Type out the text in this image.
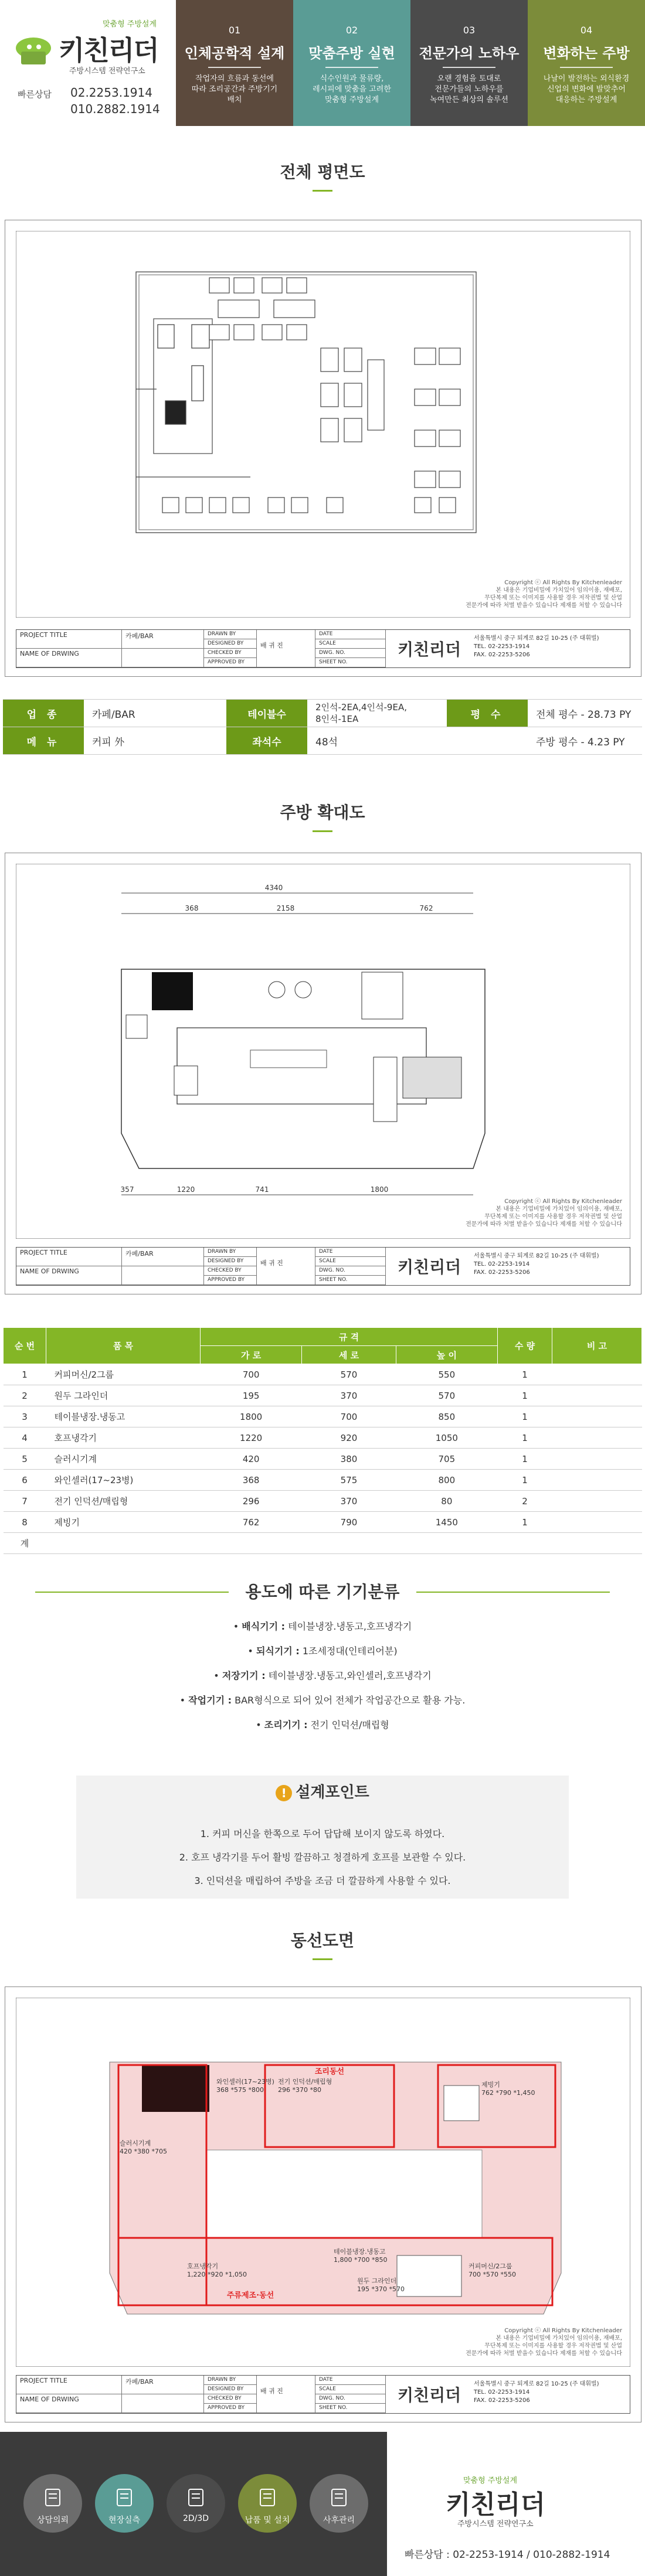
맞춤형 주방설계
키친리더
주방시스템 전략연구소
빠른상담 02.2253.1914
010.2882.1914
01
인체공학적 설계
작업자의 흐름과 동선에
따라 조리공간과 주방기기
배치
02
맞춤주방 실현
식수인원과 물류량,
레시피에 맞춤을 고려한
맞춤형 주방설계
03
전문가의 노하우
오랜 경험을 토대로
전문가들의 노하우를
녹여만든 최상의 솔루션
04
변화하는 주방
나날이 발전하는 외식환경
신업의 변화에 발맞추어
대응하는 주방설계
전체 평면도
Copyright ⓒ All Rights By Kitchenleader
본 내용은 기업비밀에 가치있어 임의이용, 재배포,
무단복제 또는 이미지를 사용할 경우 저작권법 및 산업
전문가에 따라 처벌 받을수 있습니다 제재를 처할 수 있습니다
PROJECT TITLE	카페/BAR
NAME OF DRWING
DRAWN BY
DESIGNED BY
CHECKED BY
APPROVED BY
배 귀 진
DATE
SCALE
DWG. NO.
SHEET NO.
키친리더
서울특별시 중구 퇴계로 82길 10-25 (주 대휘빌)
TEL. 02-2253-1914
FAX. 02-2253-5206
업 종	카페/BAR	테이블수	2인석-2EA,4인석-9EA,
8인석-1EA	평 수	전체 평수 - 28.73 PY
메 뉴	커피 外	좌석수	48석		주방 평수 - 4.23 PY
주방 확대도
4340
368	2158	762
357	1220	741	1800
Copyright ⓒ All Rights By Kitchenleader
본 내용은 기업비밀에 가치있어 임의이용, 재배포,
무단복제 또는 이미지를 사용할 경우 저작권법 및 산업
전문가에 따라 처벌 받을수 있습니다 제재를 처할 수 있습니다
PROJECT TITLE	카페/BAR
NAME OF DRWING
DRAWN BY
DESIGNED BY
CHECKED BY
APPROVED BY
배 귀 진
DATE
SCALE
DWG. NO.
SHEET NO.
키친리더
서울특별시 중구 퇴계로 82길 10-25 (주 대휘빌)
TEL. 02-2253-1914
FAX. 02-2253-5206
순 번	품 목	규 격			수 량	비 고
		가 로	세 로	높 이		
1	커피머신/2그룹	700	570	550	1	
2	원두 그라인더	195	370	570	1	
3	테이블냉장.냉동고	1800	700	850	1	
4	호프냉각기	1220	920	1050	1	
5	슬러시기계	420	380	705	1	
6	와인셀러(17~23병)	368	575	800	1	
7	전기 인덕션/매립형	296	370	80	2	
8	제빙기	762	790	1450	1	
계						
용도에 따른 기기분류
• 배식기기 : 테이블냉장.냉동고,호프냉각기
• 되식기기 : 1조세정대(인테리어분)
• 저장기기 : 테이블냉장.냉동고,와인셀러,호프냉각기
• 작업기기 : BAR형식으로 되어 있어 전체가 작업공간으로 활용 가능.
• 조리기기 : 전기 인덕션/매립형
! 설계포인트
1. 커피 머신을 한쪽으로 두어 답답해 보이지 않도록 하였다.
2. 호프 냉각기를 두어 활빙 깔끔하고 청결하게 호프를 보관할 수 있다.
3. 인덕션을 매립하여 주방을 조금 더 깔끔하게 사용할 수 있다.
동선도면
조리동선
주류제조·동선
와인셀러(17~23병)
368 *575 *800
전기 인덕션/매립형
296 *370 *80
제빙기
762 *790 *1,450
슬러시기계
420 *380 *705
호프냉각기
1,220 *920 *1,050
테이블냉장.냉동고
1,800 *700 *850
원두 그라인더
195 *370 *570
커피머신/2그룹
700 *570 *550
Copyright ⓒ All Rights By Kitchenleader
본 내용은 기업비밀에 가치있어 임의이용, 재배포,
무단복제 또는 이미지를 사용할 경우 저작권법 및 산업
전문가에 따라 처벌 받을수 있습니다 제재를 처할 수 있습니다
PROJECT TITLE	카페/BAR
NAME OF DRWING
DRAWN BY
DESIGNED BY
CHECKED BY
APPROVED BY
배 귀 진
DATE
SCALE
DWG. NO.
SHEET NO.
키친리더
서울특별시 중구 퇴계로 82길 10-25 (주 대휘빌)
TEL. 02-2253-1914
FAX. 02-2253-5206
상담의뢰	현장실측	2D/3D	납품 및 설치	사후관리
맞춤형 주방설계
키친리더
주방시스템 전략연구소
빠른상담 : 02-2253-1914 / 010-2882-1914
